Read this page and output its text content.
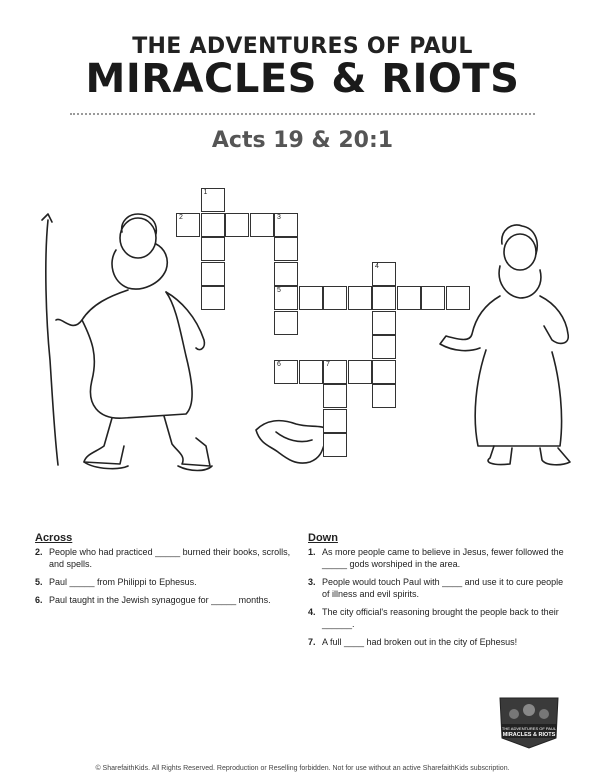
THE ADVENTURES OF PAUL
MIRACLES & RIOTS
Acts 19 & 20:1
1
2	3
4
5
6	7
Across
2. People who had practiced _____ burned their books, scrolls, and spells.
5. Paul _____ from Philippi to Ephesus.
6. Paul taught in the Jewish synagogue for _____ months.
Down
1. As more people came to believe in Jesus, fewer followed the _____ gods worshiped in the area.
3. People would touch Paul with ____ and use it to cure people of illness and evil spirits.
4. The city official's reasoning brought the people back to their ______.
7. A full ____ had broken out in the city of Ephesus!
THE ADVENTURES OF PAUL
MIRACLES & RIOTS
© SharefaithKids. All Rights Reserved. Reproduction or Reselling forbidden. Not for use without an active SharefaithKids subscription.
